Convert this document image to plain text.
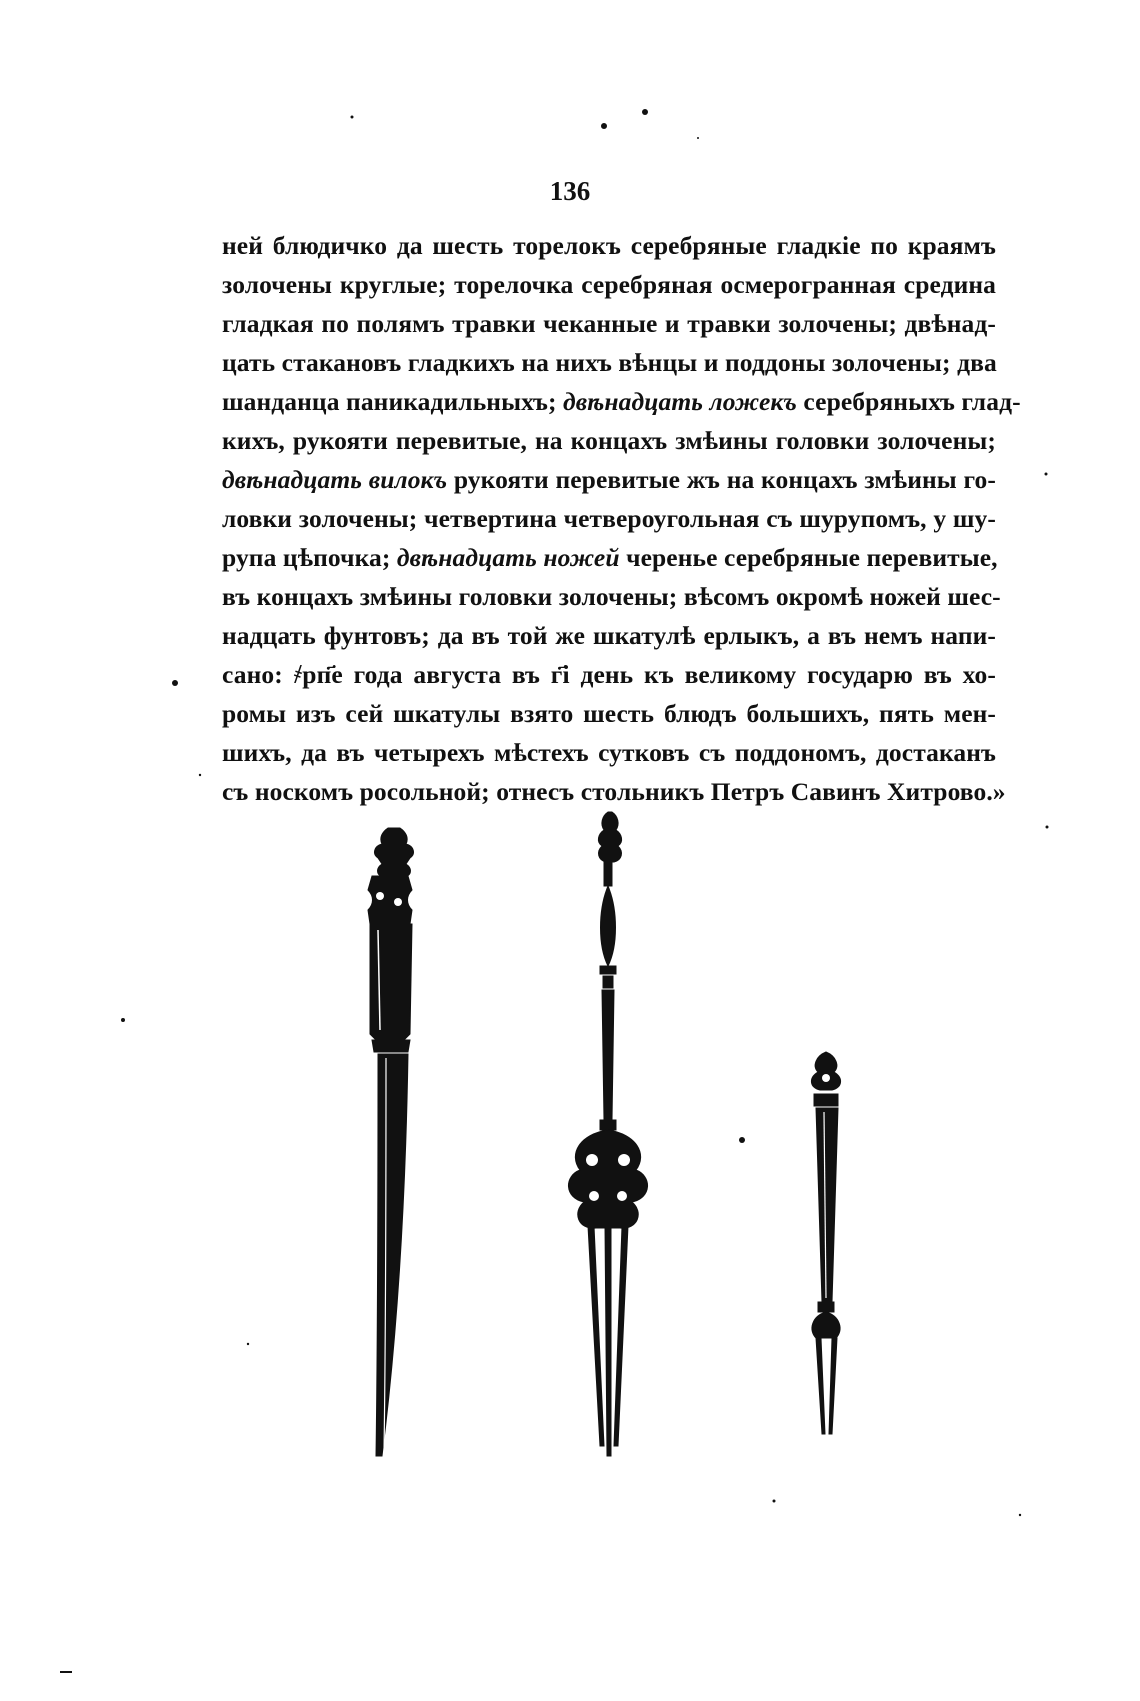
136
ней блюдичко да шесть торелокъ серебряные гладкіе по краямъ
золочены круглые; торелочка серебряная осмерогранная средина
гладкая по полямъ травки чеканные и травки золочены; двѣнад-
цать стакановъ гладкихъ на нихъ вѣнцы и поддоны золочены; два
шанданца паникадильныхъ; двѣнадцать ложекъ серебряныхъ глад-
кихъ, рукояти перевитые, на концахъ змѣины головки золочены;
двѣнадцать вилокъ рукояти перевитые жъ на концахъ змѣины го-
ловки золочены; четвертина четвероугольная съ шурупомъ, у шу-
рупа цѣпочка; двѣнадцать ножей черенье серебряные перевитые,
въ концахъ змѣины головки золочены; вѣсомъ окромѣ ножей шес-
надцать фунтовъ; да въ той же шкатулѣ ерлыкъ, а въ немъ напи-
сано: ҂рп҃е года августа въ г҃і день къ великому государю въ хо-
ромы изъ сей шкатулы взято шесть блюдъ большихъ, пять мен-
шихъ, да въ четырехъ мѣстехъ сутковъ съ поддономъ, достаканъ
съ носкомъ росольной; отнесъ стольникъ Петръ Савинъ Хитрово.»
